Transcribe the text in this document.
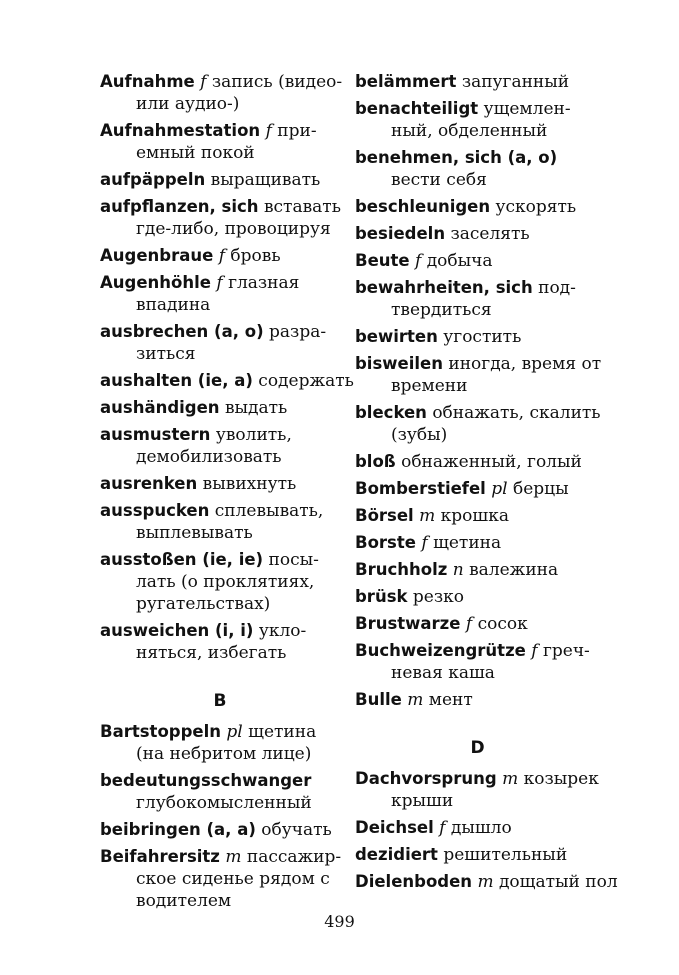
Aufnahme f запись (видео-
или аудио-)
Aufnahmestation f при-
емный покой
aufpäppeln выращивать
aufpflanzen, sich вставать
где-либо, провоцируя
Augenbraue f бровь
Augenhöhle f глазная
впадина
ausbrechen (a, o) разра-
зиться
aushalten (ie, a) содержать
aushändigen выдать
ausmustern уволить,
демобилизовать
ausrenken вывихнуть
ausspucken сплевывать,
выплевывать
ausstoßen (ie, ie) посы-
лать (о проклятиях,
ругательствах)
ausweichen (i, i) укло-
няться, избегать
B
Bartstoppeln pl щетина
(на небритом лице)
bedeutungsschwanger
глубокомысленный
beibringen (a, a) обучать
Beifahrersitz m пассажир-
ское сиденье рядом с
водителем
belämmert запуганный
benachteiligt ущемлен-
ный, обделенный
benehmen, sich (a, o)
вести себя
beschleunigen ускорять
besiedeln заселять
Beute f добыча
bewahrheiten, sich под-
твердиться
bewirten угостить
bisweilen иногда, время от
времени
blecken обнажать, скалить
(зубы)
bloß обнаженный, голый
Bomberstiefel pl берцы
Börsel m крошка
Borste f щетина
Bruchholz n валежина
brüsk резко
Brustwarze f сосок
Buchweizengrütze f греч-
невая каша
Bulle m мент
D
Dachvorsprung m козырек
крыши
Deichsel f дышло
dezidiert решительный
Dielenboden m дощатый пол
499
